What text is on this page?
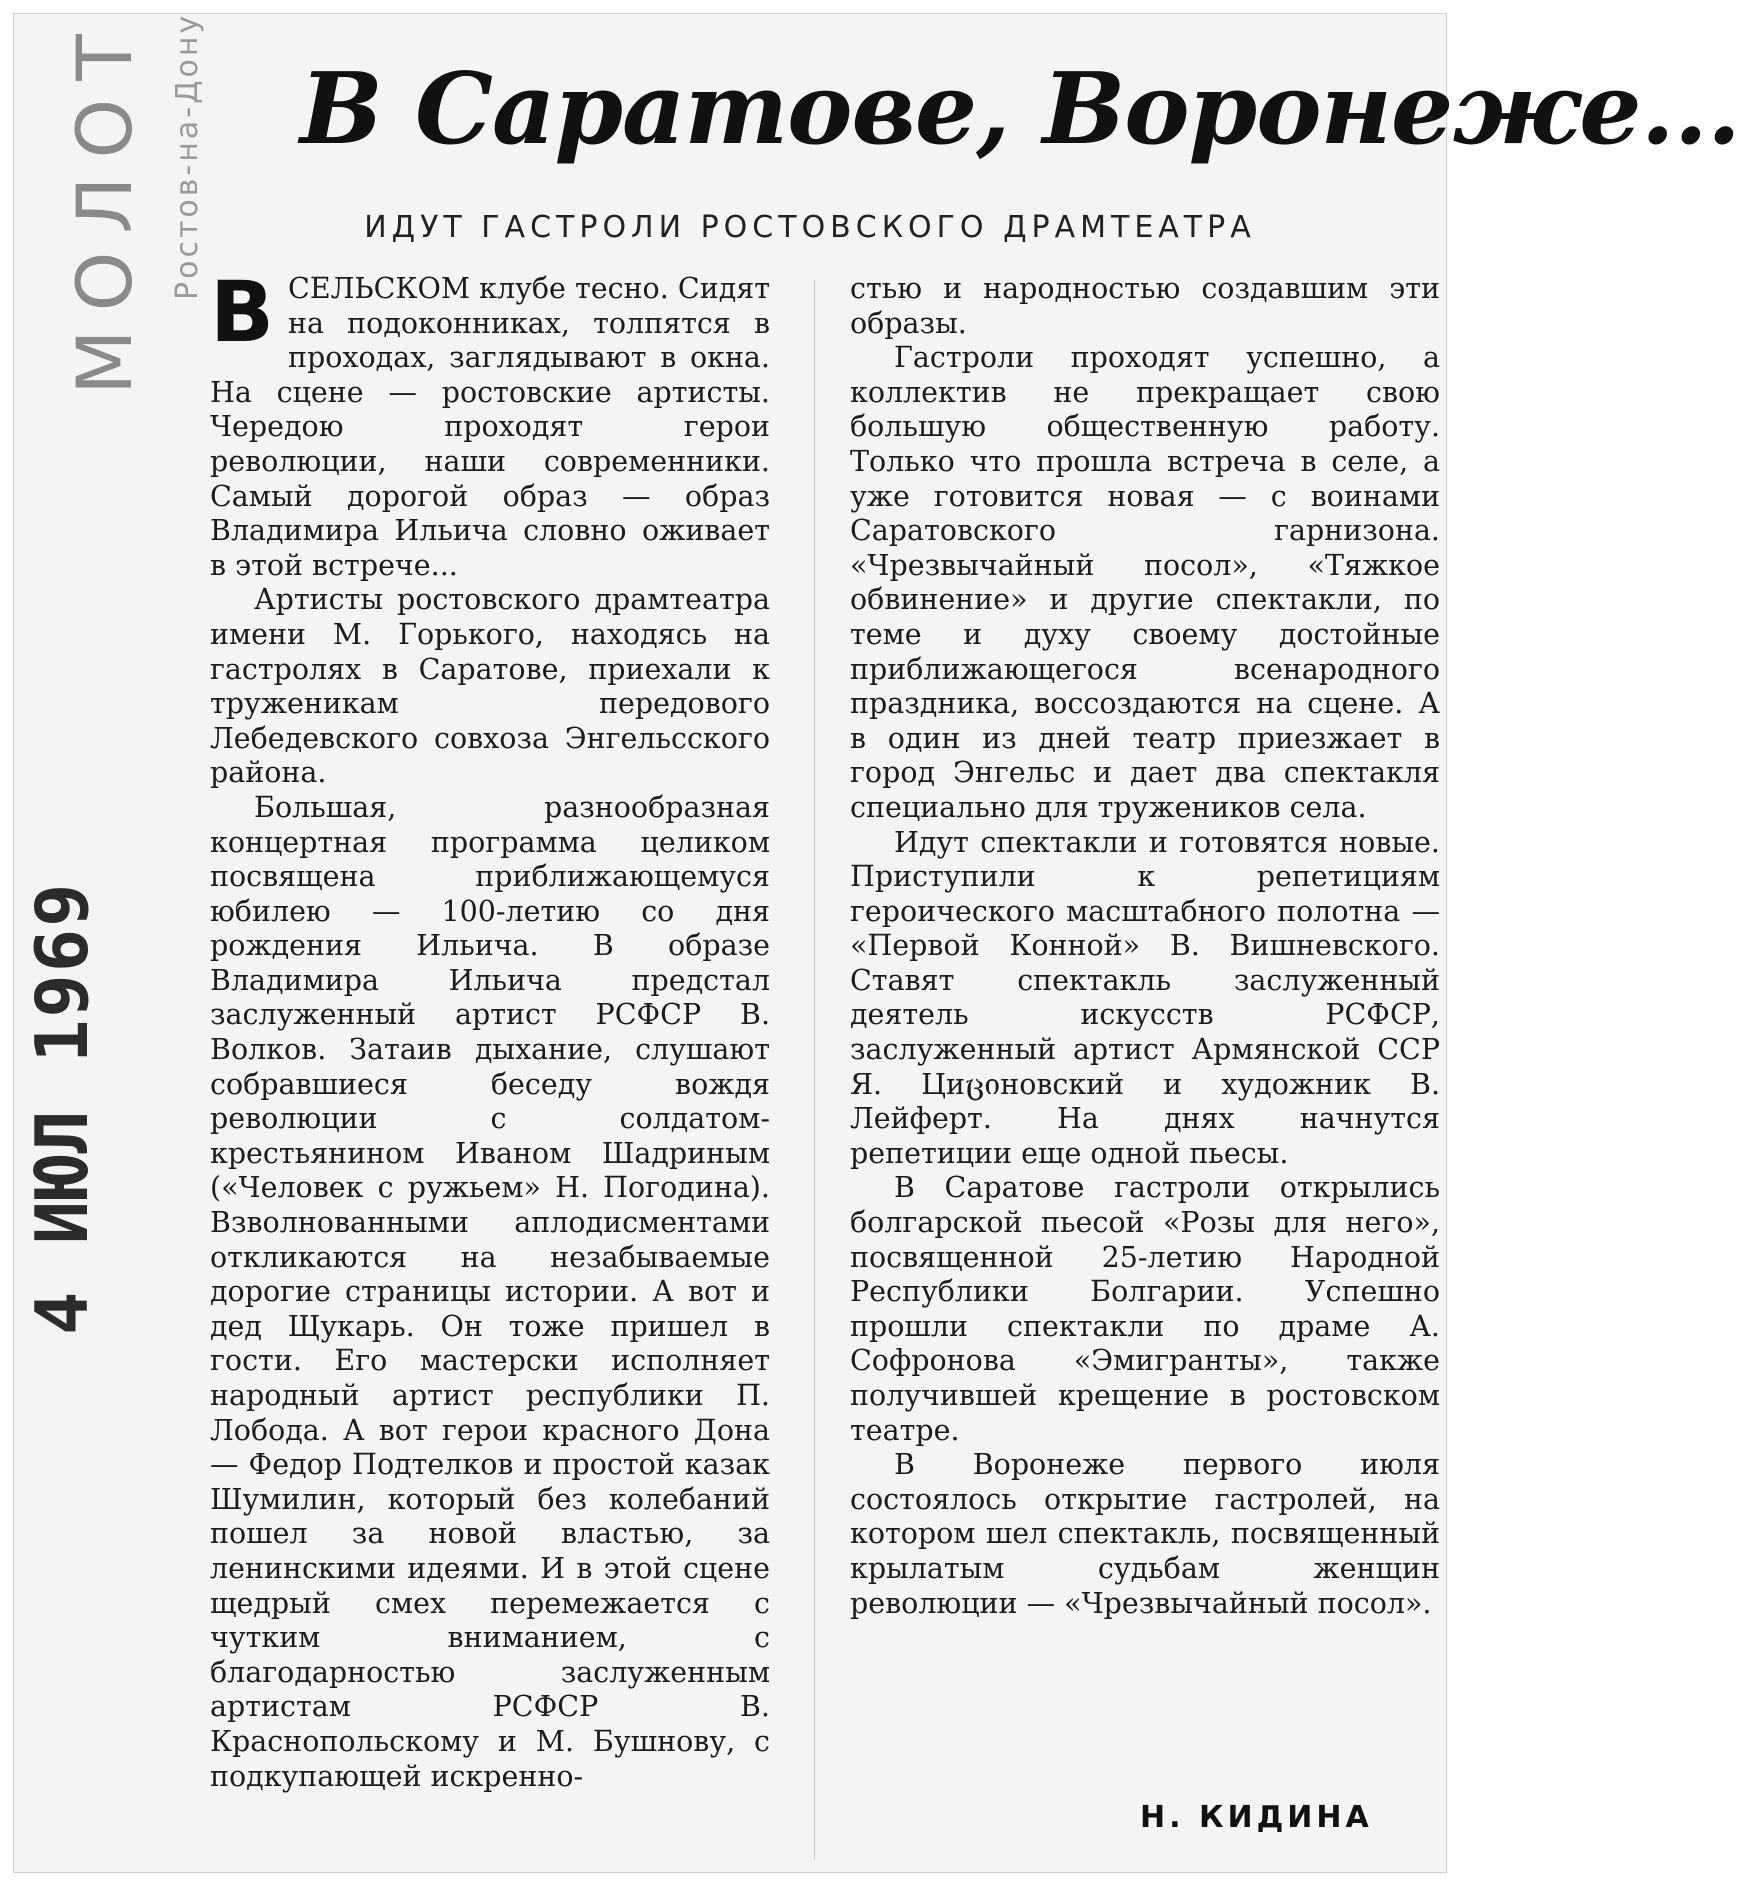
МОЛОТ Ростов-на-Дону
4 ИЮЛ 1969
В Саратове, Воронеже...
ИДУТ ГАСТРОЛИ РОСТОВСКОГО ДРАМТЕАТРА

ВСЕЛЬСКОМ клубе тесно. Сидят на подоконниках, толпятся в проходах, заглядывают в окна. На сцене — ростовские артисты. Чередою проходят герои революции, наши современники. Самый дорогой образ — образ Владимира Ильича словно оживает в этой встрече...

Артисты ростовского драмтеатра имени М. Горького, находясь на гастролях в Саратове, приехали к труженикам передового Лебедевского совхоза Энгельсского района.

Большая, разнообразная концертная программа целиком посвящена приближающемуся юбилею — 100-летию со дня рождения Ильича. В образе Владимира Ильича предстал заслуженный артист РСФСР В. Волков. Затаив дыхание, слушают собравшиеся беседу вождя революции с солдатом-крестьянином Иваном Шадриным («Человек с ружьем» Н. Погодина). Взволнованными аплодисментами откликаются на незабываемые дорогие страницы истории. А вот и дед Щукарь. Он тоже пришел в гости. Его мастерски исполняет народный артист республики П. Лобода. А вот герои красного Дона — Федор Подтелков и простой казак Шумилин, который без колебаний пошел за новой властью, за ленинскими идеями. И в этой сцене щедрый смех перемежается с чутким вниманием, с благодарностью заслуженным артистам РСФСР В. Краснопольскому и М. Бушнову, с подкупающей искренно-

стью и народностью создавшим эти образы.

Гастроли проходят успешно, а коллектив не прекращает свою большую общественную работу. Только что прошла встреча в селе, а уже готовится новая — с воинами Саратовского гарнизона. «Чрезвычайный посол», «Тяжкое обвинение» и другие спектакли, по теме и духу своему достойные приближающегося всенародного праздника, воссоздаются на сцене. А в один из дней театр приезжает в город Энгельс и дает два спектакля специально для тружеников села.

Идут спектакли и готовятся новые. Приступили к репетициям героического масштабного полотна — «Первой Конной» В. Вишневского. Ставят спектакль заслуженный деятель искусств РСФСР, заслуженный артист Армянской ССР Я. Циციновский и художник В. Лейферт. На днях начнутся репетиции еще одной пьесы.

В Саратове гастроли открылись болгарской пьесой «Розы для него», посвященной 25-летию Народной Республики Болгарии. Успешно прошли спектакли по драме А. Софронова «Эмигранты», также получившей крещение в ростовском театре.

В Воронеже первого июля состоялось открытие гастролей, на котором шел спектакль, посвященный крылатым судьбам женщин революции — «Чрезвычайный посол».

Н. КИДИНА
